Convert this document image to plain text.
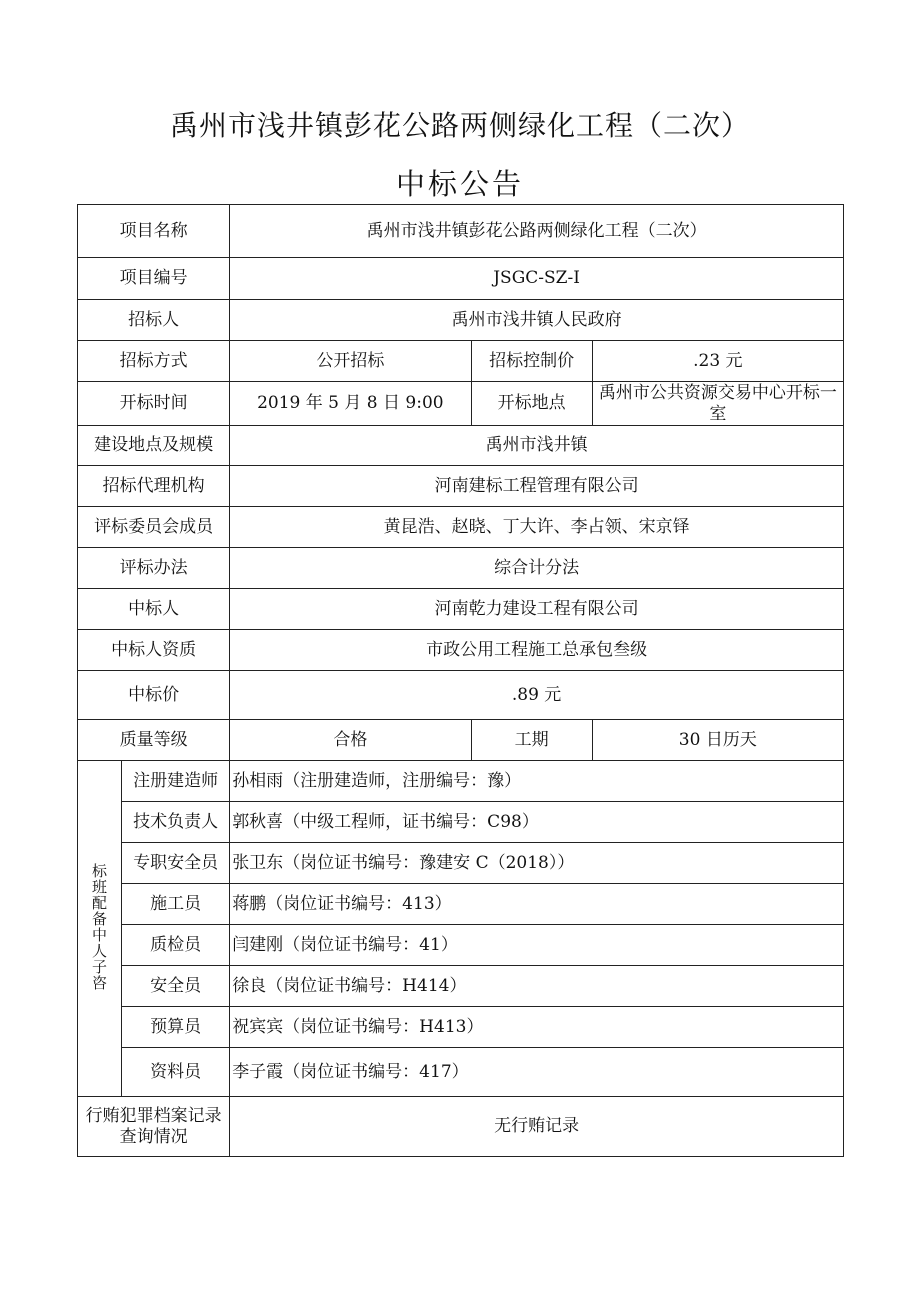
禹州市浅井镇彭花公路两侧绿化工程（二次）
中标公告
项目名称		禹州市浅井镇彭花公路两侧绿化工程（二次）		
项目编号		JSGC-SZ-I		
招标人		禹州市浅井镇人民政府		
招标方式		公开招标	招标控制价	.23 元
开标时间		2019 年 5 月 8 日 9:00	开标地点	禹州市公共资源交易中心开标一室
建设地点及规模		禹州市浅井镇		
招标代理机构		河南建标工程管理有限公司		
评标委员会成员		黄昆浩、赵晓、丁大许、李占领、宋京铎		
评标办法		综合计分法		
中标人		河南乾力建设工程有限公司		
中标人资质		市政公用工程施工总承包叁级		
中标价		.89 元		
质量等级		合格	工期	30 日历天
标班配备中人子咨	注册建造师	孙相雨（注册建造师，注册编号：豫）		
	技术负责人	郭秋喜（中级工程师，证书编号：C98）		
	专职安全员	张卫东（岗位证书编号：豫建安 C（2018））		
	施工员	蒋鹏（岗位证书编号：413）		
	质检员	闫建刚（岗位证书编号：41）		
	安全员	徐良（岗位证书编号：H414）		
	预算员	祝宾宾（岗位证书编号：H413）		
	资料员	李子霞（岗位证书编号：417）		
行贿犯罪档案记录查询情况		无行贿记录		
